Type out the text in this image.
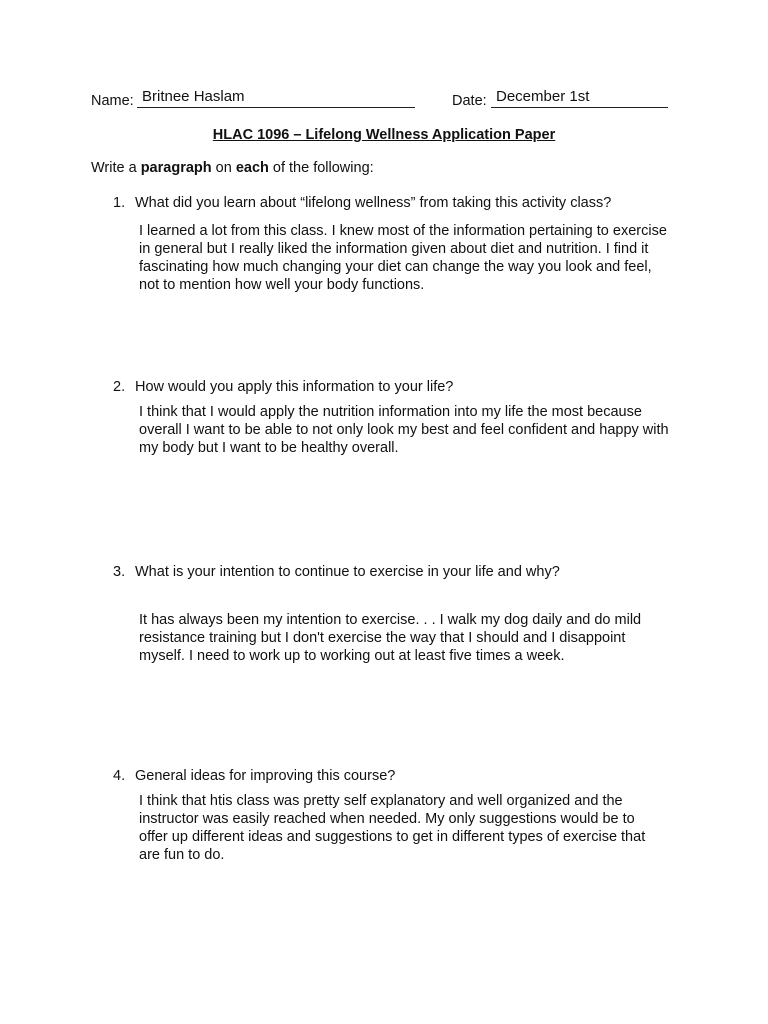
Name: Britnee Haslam	Date: December 1st
HLAC 1096 – Lifelong Wellness Application Paper
Write a paragraph on each of the following:
1. What did you learn about “lifelong wellness” from taking this activity class?
I learned a lot from this class. I knew most of the information pertaining to exercise
in general but I really liked the information given about diet and nutrition. I find it
fascinating how much changing your diet can change the way you look and feel,
not to mention how well your body functions.
2. How would you apply this information to your life?
I think that I would apply the nutrition information into my life the most because
overall I want to be able to not only look my best and feel confident and happy with
my body but I want to be healthy overall.
3. What is your intention to continue to exercise in your life and why?
It has always been my intention to exercise. . . I walk my dog daily and do mild
resistance training but I don't exercise the way that I should and I disappoint
myself. I need to work up to working out at least five times a week.
4. General ideas for improving this course?
I think that htis class was pretty self explanatory and well organized and the
instructor was easily reached when needed. My only suggestions would be to
offer up different ideas and suggestions to get in different types of exercise that
are fun to do.
